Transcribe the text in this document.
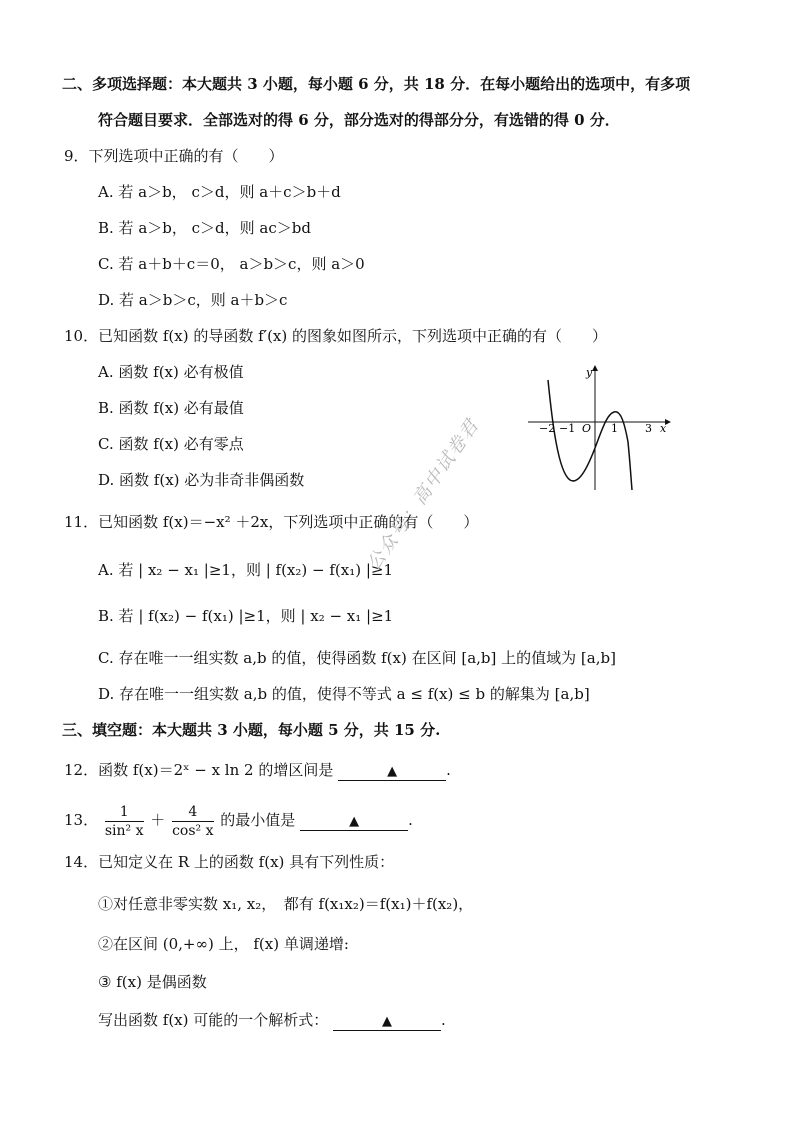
二、多项选择题：本大题共 3 小题，每小题 6 分，共 18 分．在每小题给出的选项中，有多项
符合题目要求．全部选对的得 6 分，部分选对的得部分分，有选错的得 0 分．
9．下列选项中正确的有（　　）
A. 若 a＞b， c＞d，则 a＋c＞b＋d
B. 若 a＞b， c＞d，则 ac＞bd
C. 若 a＋b＋c＝0， a＞b＞c，则 a＞0
D. 若 a＞b＞c，则 a＋b＞c
10．已知函数 f(x) 的导函数 f′(x) 的图象如图所示，下列选项中正确的有（　　）
A. 函数 f(x) 必有极值
B. 函数 f(x) 必有最值
C. 函数 f(x) 必有零点
D. 函数 f(x) 必为非奇非偶函数
y
x
O
−2 −1	1 3
11．已知函数 f(x)＝−x² ＋2x，下列选项中正确的有（　　）
A. 若 | x₂ − x₁ |≥1，则 | f(x₂) − f(x₁) |≥1
B. 若 | f(x₂) − f(x₁) |≥1，则 | x₂ − x₁ |≥1
C. 存在唯一一组实数 a,b 的值，使得函数 f(x) 在区间 [a,b] 上的值域为 [a,b]
D. 存在唯一一组实数 a,b 的值，使得不等式 a ≤ f(x) ≤ b 的解集为 [a,b]
三、填空题：本大题共 3 小题，每小题 5 分，共 15 分.
12．函数 f(x)＝2ˣ − x ln 2 的增区间是	▲	.
13． $\frac{1}{\text{sin² x}} + \frac{4}{\text{cos² x}}$ 的最小值是	▲	.
14．已知定义在 R 上的函数 f(x) 具有下列性质：
①对任意非零实数 x₁, x₂，　都有 f(x₁x₂)＝f(x₁)＋f(x₂)，
②在区间 (0,+∞) 上， f(x) 单调递增:
③ f(x) 是偶函数
写出函数 f(x) 可能的一个解析式：	▲	.
公众号：高中试卷君
